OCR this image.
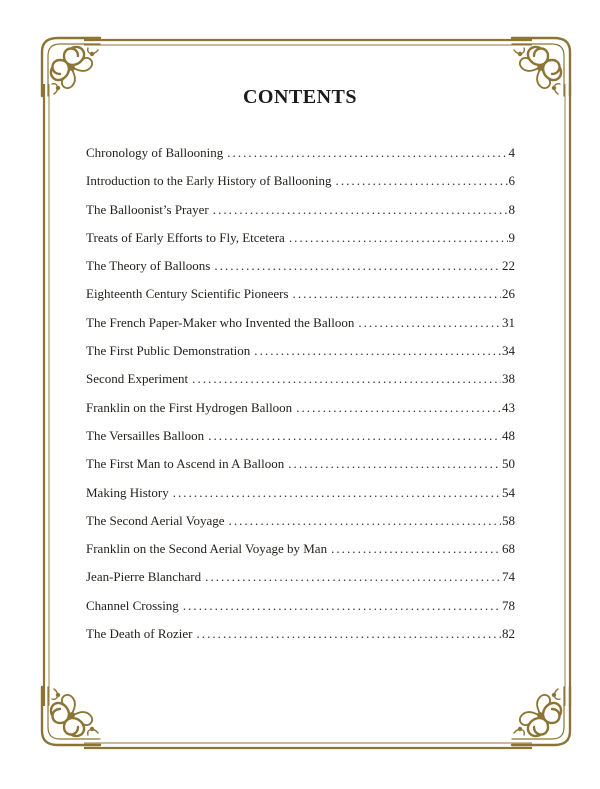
CONTENTS
Chronology of Ballooning . . .	4
Introduction to the Early History of Ballooning . . .	6
The Balloonist’s Prayer . . .	8
Treats of Early Efforts to Fly, Etcetera . . .	9
The Theory of Balloons . . .	22
Eighteenth Century Scientific Pioneers . . .	26
The French Paper-Maker who Invented the Balloon . . .	31
The First Public Demonstration . . .	34
Second Experiment . . .	38
Franklin on the First Hydrogen Balloon . . .	43
The Versailles Balloon . . .	48
The First Man to Ascend in A Balloon . . .	50
Making History . . .	54
The Second Aerial Voyage . . .	58
Franklin on the Second Aerial Voyage by Man . . .	68
Jean-Pierre Blanchard . . .	74
Channel Crossing . . .	78
The Death of Rozier . . .	82
